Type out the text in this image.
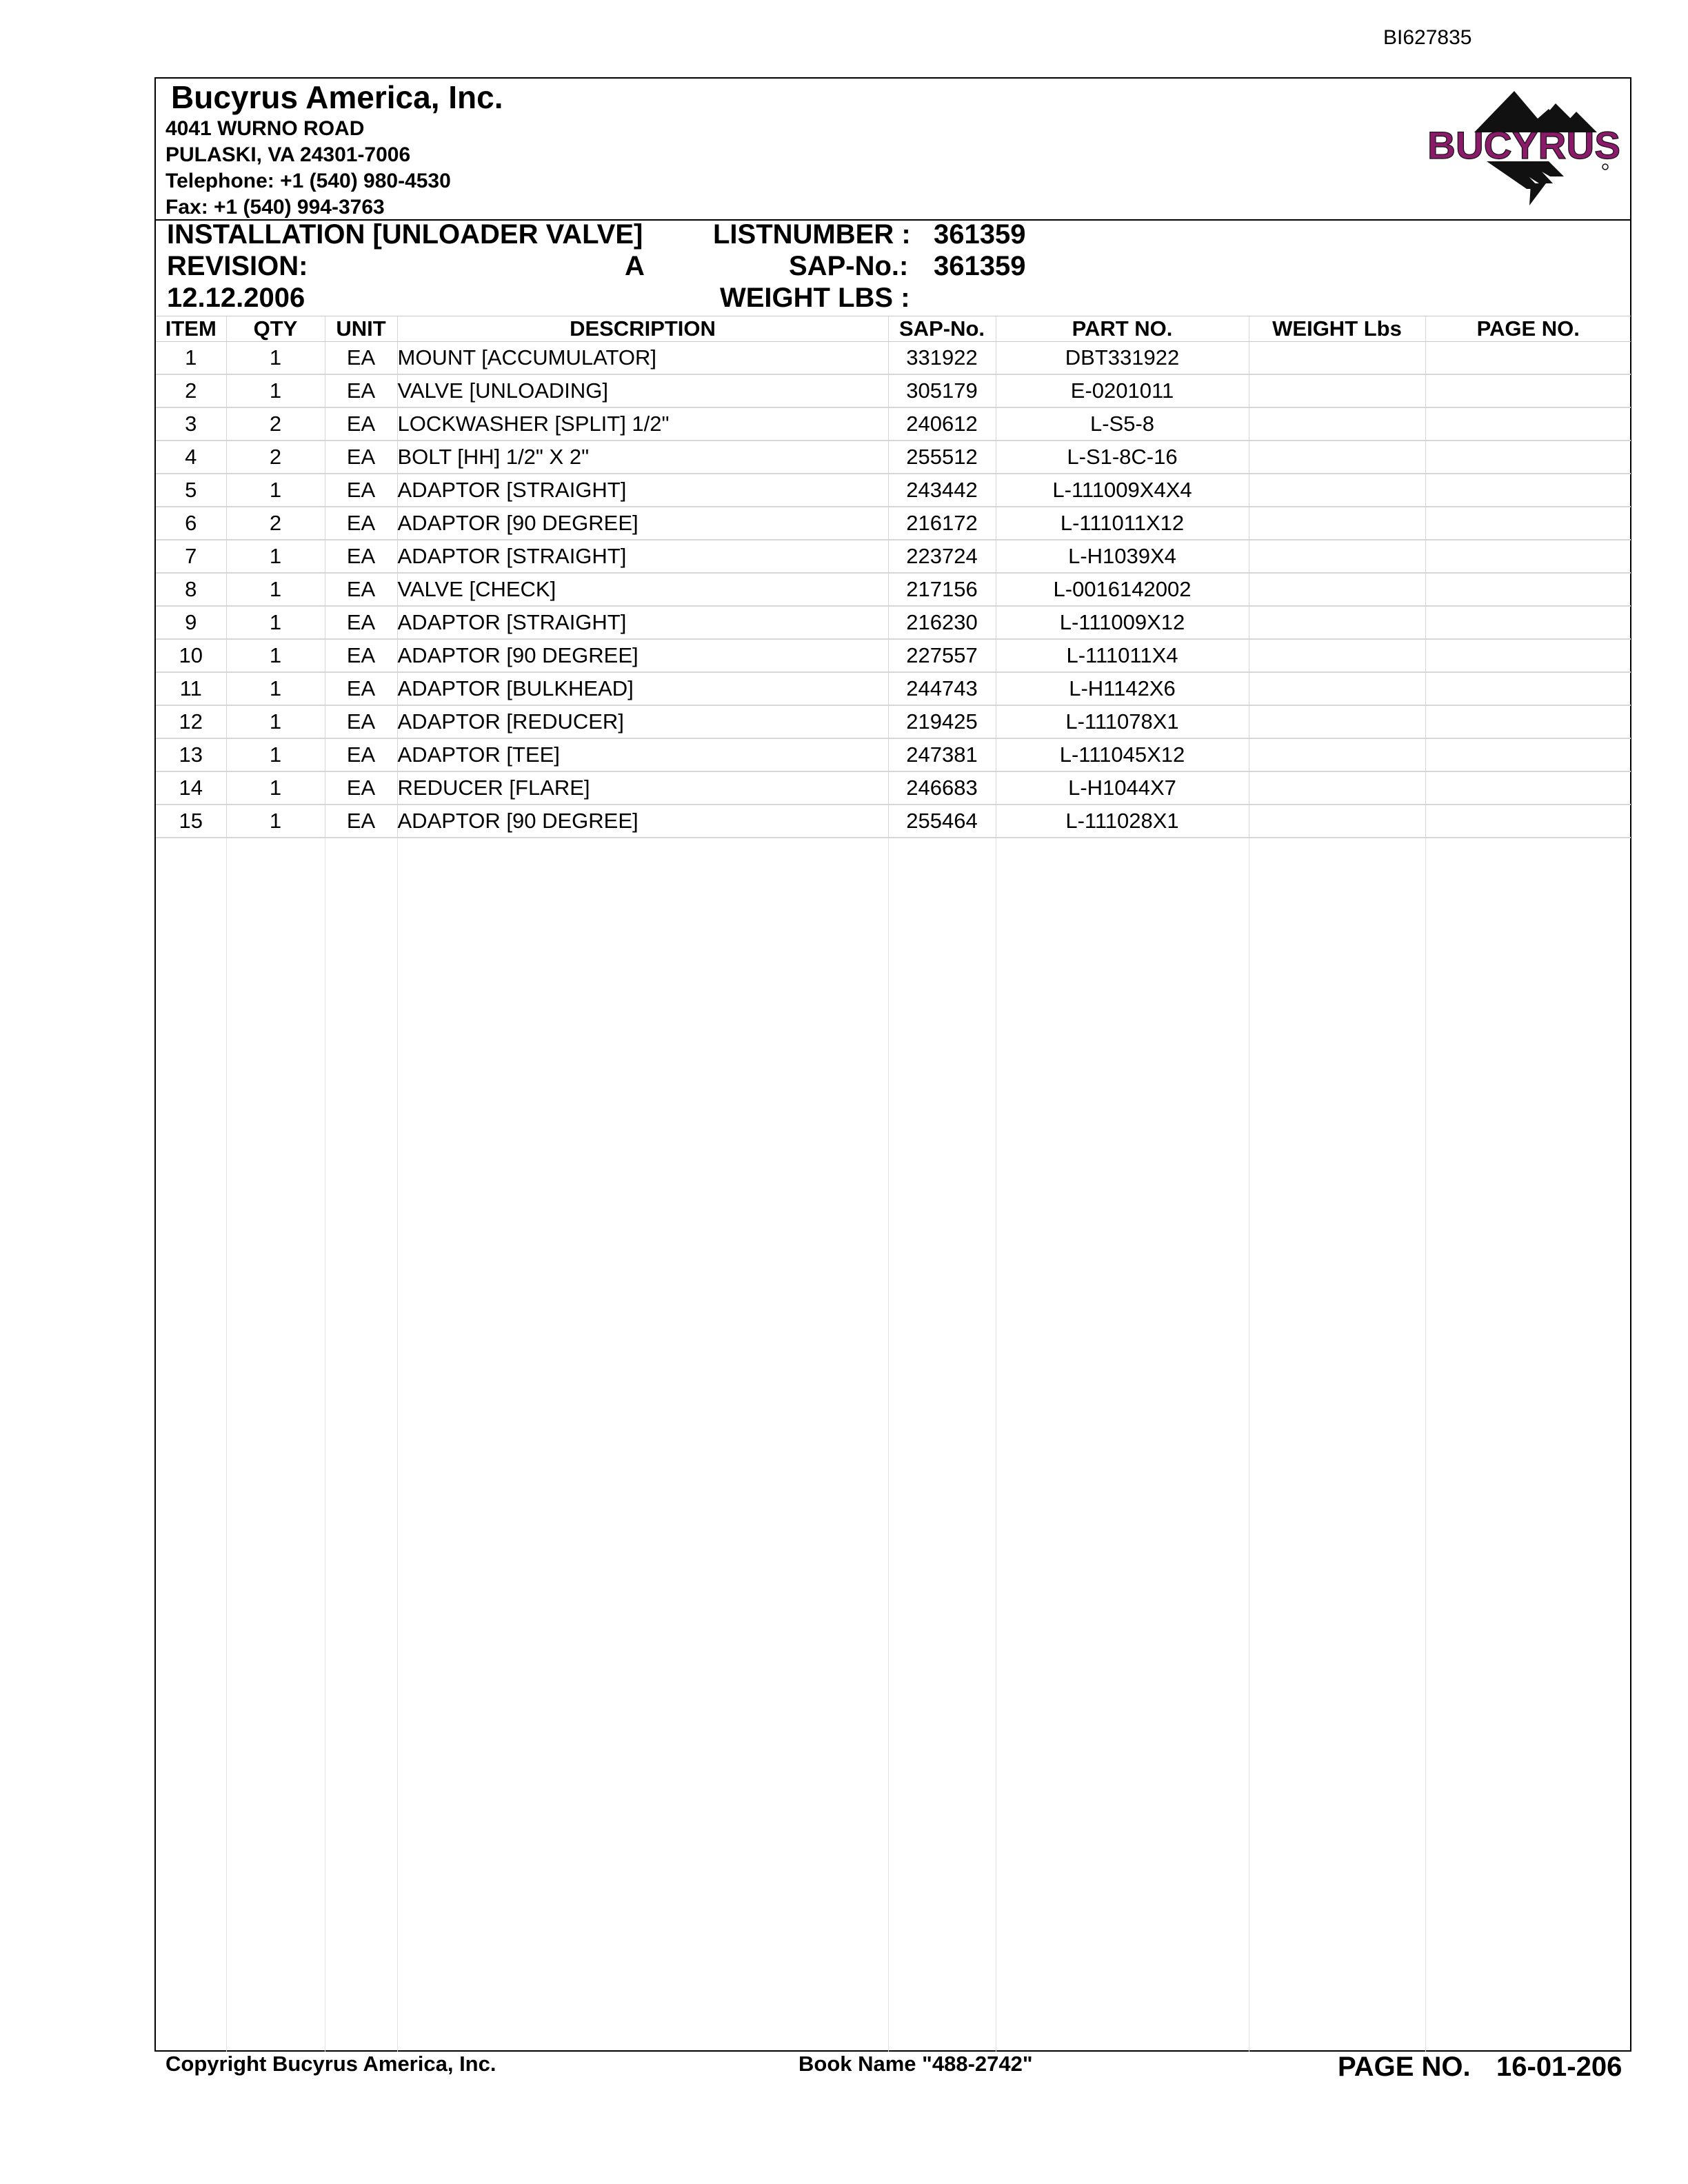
BI627835
Bucyrus America, Inc.
4041 WURNO ROAD
PULASKI, VA 24301-7006
Telephone: +1 (540) 980-4530
Fax: +1 (540) 994-3763
BUCYRUS
INSTALLATION [UNLOADER VALVE]	LISTNUMBER : 361359
REVISION:	A	SAP-No.: 361359
12.12.2006	WEIGHT LBS :
ITEM	QTY	UNIT	DESCRIPTION	SAP-No.	PART NO.	WEIGHT Lbs	PAGE NO.
1	1	EA	MOUNT [ACCUMULATOR]	331922	DBT331922		
2	1	EA	VALVE [UNLOADING]	305179	E-0201011		
3	2	EA	LOCKWASHER [SPLIT] 1/2"	240612	L-S5-8		
4	2	EA	BOLT [HH] 1/2" X 2"	255512	L-S1-8C-16		
5	1	EA	ADAPTOR [STRAIGHT]	243442	L-111009X4X4		
6	2	EA	ADAPTOR [90 DEGREE]	216172	L-111011X12		
7	1	EA	ADAPTOR [STRAIGHT]	223724	L-H1039X4		
8	1	EA	VALVE [CHECK]	217156	L-0016142002		
9	1	EA	ADAPTOR [STRAIGHT]	216230	L-111009X12		
10	1	EA	ADAPTOR [90 DEGREE]	227557	L-111011X4		
11	1	EA	ADAPTOR [BULKHEAD]	244743	L-H1142X6		
12	1	EA	ADAPTOR [REDUCER]	219425	L-111078X1		
13	1	EA	ADAPTOR [TEE]	247381	L-111045X12		
14	1	EA	REDUCER [FLARE]	246683	L-H1044X7		
15	1	EA	ADAPTOR [90 DEGREE]	255464	L-111028X1		
Copyright Bucyrus America, Inc.	Book Name "488-2742"	PAGE NO. 16-01-206
